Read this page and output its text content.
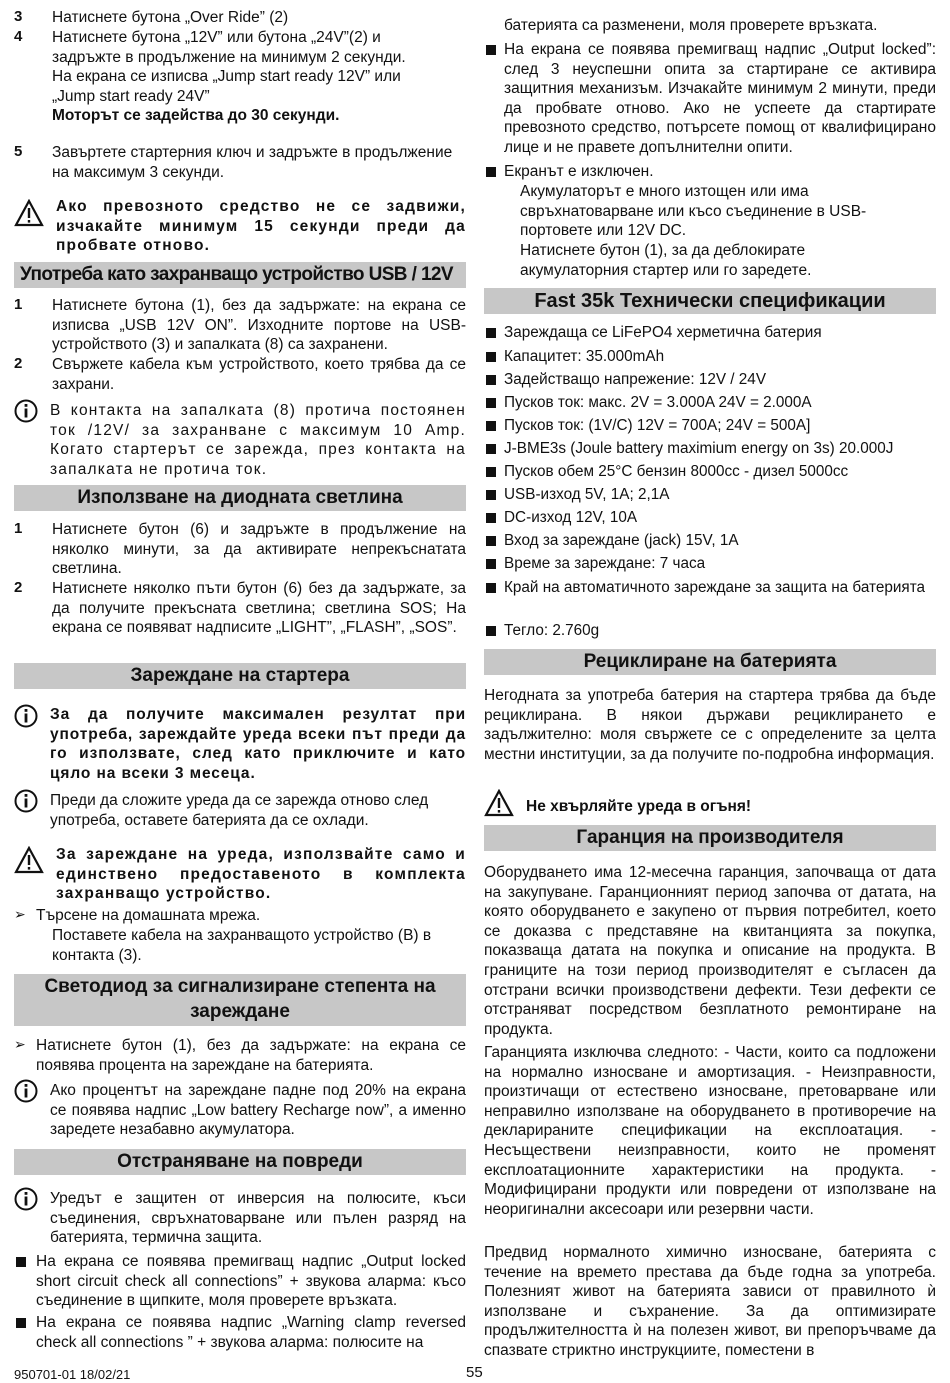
3 Натиснете бутона „Over Ride” (2)
4 Натиснете бутона „12V” или бутона „24V”(2) и
задръжте в продължение на минимум 2 секунди.
На екрана се изписва „Jump start ready 12V” или
„Jump start ready 24V”
Моторът се задейства до 30 секунди.
5 Завъртете стартерния ключ и задръжте в продължение на максимум 3 секунди.
Ако превозното средство не се задвижи, изчакайте минимум 15 секунди преди да пробвате отново.
Употреба като захранващо устройство USB / 12V
1 Натиснете бутона (1), без да задържате: на екрана се изписва „USB 12V ON”. Изходните портове на USB-устройството (3) и запалката (8) са захранени.
2 Свържете кабела към устройството, което трябва да се захрани.
В контакта на запалката (8) протича постоянен ток /12V/ за захранване с максимум 10 Amp. Когато стартерът се зарежда, през контакта на запалката не протича ток.
Използване на диодната светлина
1 Натиснете бутон (6) и задръжте в продължение на няколко минути, за да активирате непрекъснатата светлина.
2 Натиснете няколко пъти бутон (6) без да задържате, за да получите прекъсната светлина; светлина SOS; На екрана се появяват надписите „LIGHT”, „FLASH”, „SOS”.
Зареждане на стартера
За да получите максимален резултат при употреба, зареждайте уреда всеки път преди да го използвате, след като приключите и като цяло на всеки 3 месеца.
Преди да сложите уреда да се зарежда отново след употреба, оставете батерията да се охлади.
За зареждане на уреда, използвайте само и единствено предоставеното в комплекта захранващо устройство.
➢ Търсене на домашната мрежа.
Поставете кабела на захранващото устройство (B) в контакта (3).
Светодиод за сигнализиране степента на
зареждане
➢ Натиснете бутон (1), без да задържате: на екрана се появява процента на зареждане на батерията.
Ако процентът на зареждане падне под 20% на екрана се появява надпис „Low battery Recharge now”, а именно заредете незабавно акумулатора.
Отстраняване на повреди
Уредът е защитен от инверсия на полюсите, къси съединения, свръхнатоварване или пълен разряд на батерията, термична защита.
На екрана се появява премигващ надпис „Output locked short circuit check all connections” + звукова аларма: късо съединение в щипките, моля проверете връзката.
На екрана се появява надпис „Warning clamp reversed check all connections ” + звукова аларма: полюсите на
батерията са разменени, моля проверете връзката.
На екрана се появява премигващ надпис „Output locked”: след 3 неуспешни опита за стартиране се активира защитния механизъм. Изчакайте минимум 2 минути, преди да пробвате отново. Ако не успеете да стартирате превозното средство, потърсете помощ от квалифицирано лице и не правете допълнителни опити.
Екранът е изключен.
Акумулаторът е много изтощен или има свръхнатоварване или късо съединение в USB-портовете или 12V DC.
Натиснете бутон (1), за да деблокирате акумулаторния стартер или го заредете.
Fast 35k Технически спецификации
Зареждаща се LiFePO4 херметична батерия
Капацитет: 35.000mAh
Задействащо напрежение: 12V / 24V
Пусков ток: макс. 2V = 3.000A 24V = 2.000A
Пусков ток: (1V/C) 12V = 700A; 24V = 500A]
J-BME3s (Joule battery maximium energy on 3s) 20.000J
Пусков обем 25°C бензин 8000cc - дизел 5000cc
USB-изход 5V, 1A; 2,1A
DC-изход 12V, 10A
Вход за зареждане (jack) 15V, 1A
Време за зареждане: 7 часа
Край на автоматичното зареждане за защита на батерията
Тегло: 2.760g
Рециклиране на батерията
Негодната за употреба батерия на стартера трябва да бъде рециклирана. В някои държави рециклирането е задължително: моля свържете се с определените за целта местни институции, за да получите по-подробна информация.
Не хвърляйте уреда в огъня!
Гаранция на производителя
Оборудването има 12-месечна гаранция, започваща от дата на закупуване. Гаранционният период започва от датата, на която оборудването е закупено от първия потребител, което се доказва с представяне на квитанцията за покупка, показваща датата на покупка и описание на продукта. В границите на този период производителят е съгласен да отстрани всички производствени дефекти. Тези дефекти се отстраняват посредством безплатното ремонтиране на продукта.
Гаранцията изключва следното: - Части, които са подложени на нормално износване и амортизация. - Неизправности, произтичащи от естествено износване, претоварване или неправилно използване на оборудването в противоречие на декларираните спецификации на експлоатация. - Несъществени неизправности, които не променят експлоатационните характеристики на продукта. - Модифицирани продукти или повредени от използване на неоригинални аксесоари или резервни части.
Предвид нормалното химично износване, батерията с течение на времето престава да бъде годна за употреба. Полезният живот на батерията зависи от правилното ѝ използване и съхранение. За да оптимизирате продължителността ѝ на полезен живот, ви препоръчваме да спазвате стриктно инструкциите, поместени в
950701-01 18/02/21	55
